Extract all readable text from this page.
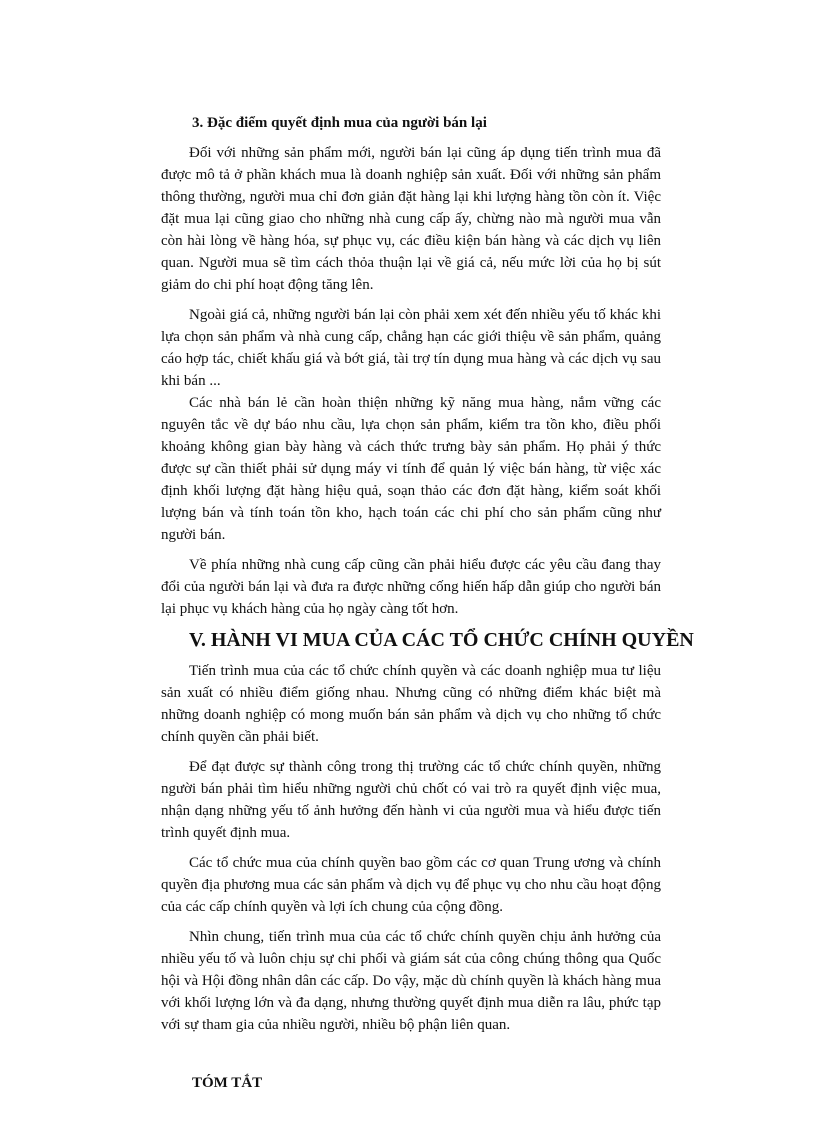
3. Đặc điểm quyết định mua của người bán lại

Đối với những sản phẩm mới, người bán lại cũng áp dụng tiến trình mua đã được mô tả ở phần khách mua là doanh nghiệp sản xuất. Đối với những sản phẩm thông thường, người mua chỉ đơn giản đặt hàng lại khi lượng hàng tồn còn ít. Việc đặt mua lại cũng giao cho những nhà cung cấp ấy, chừng nào mà người mua vẫn còn hài lòng về hàng hóa, sự phục vụ, các điều kiện bán hàng và các dịch vụ liên quan. Người mua sẽ tìm cách thỏa thuận lại về giá cả, nếu mức lời của họ bị sút giảm do chi phí hoạt động tăng lên.

Ngoài giá cả, những người bán lại còn phải xem xét đến nhiều yếu tố khác khi lựa chọn sản phẩm và nhà cung cấp, chẳng hạn các giới thiệu về sản phẩm, quảng cáo hợp tác, chiết khấu giá và bớt giá, tài trợ tín dụng mua hàng và các dịch vụ sau khi bán ...

Các nhà bán lẻ cần hoàn thiện những kỹ năng mua hàng, nắm vững các nguyên tắc về dự báo nhu cầu, lựa chọn sản phẩm, kiểm tra tồn kho, điều phối khoảng không gian bày hàng và cách thức trưng bày sản phẩm. Họ phải ý thức được sự cần thiết phải sử dụng máy vi tính để quản lý việc bán hàng, từ việc xác định khối lượng đặt hàng hiệu quả, soạn thảo các đơn đặt hàng, kiểm soát khối lượng bán và tính toán tồn kho, hạch toán các chi phí cho sản phẩm cũng như người bán.

Về phía những nhà cung cấp cũng cần phải hiểu được các yêu cầu đang thay đổi của người bán lại và đưa ra được những cống hiến hấp dẫn giúp cho người bán lại phục vụ khách hàng của họ ngày càng tốt hơn.

V. HÀNH VI MUA CỦA CÁC TỔ CHỨC CHÍNH QUYỀN

Tiến trình mua của các tổ chức chính quyền và các doanh nghiệp mua tư liệu sản xuất có nhiều điểm giống nhau. Nhưng cũng có những điểm khác biệt mà những doanh nghiệp có mong muốn bán sản phẩm và dịch vụ cho những tổ chức chính quyền cần phải biết.

Để đạt được sự thành công trong thị trường các tổ chức chính quyền, những người bán phải tìm hiểu những người chủ chốt có vai trò ra quyết định việc mua, nhận dạng những yếu tố ảnh hưởng đến hành vi của người mua và hiểu được tiến trình quyết định mua.

Các tổ chức mua của chính quyền bao gồm các cơ quan Trung ương và chính quyền địa phương mua các sản phẩm và dịch vụ để phục vụ cho nhu cầu hoạt động của các cấp chính quyền và lợi ích chung của cộng đồng.

Nhìn chung, tiến trình mua của các tổ chức chính quyền chịu ảnh hưởng của nhiều yếu tố và luôn chịu sự chi phối và giám sát của công chúng thông qua Quốc hội và Hội đồng nhân dân các cấp. Do vậy, mặc dù chính quyền là khách hàng mua với khối lượng lớn và đa dạng, nhưng thường quyết định mua diễn ra lâu, phức tạp với sự tham gia của nhiều người, nhiều bộ phận liên quan.

TÓM TẮT
